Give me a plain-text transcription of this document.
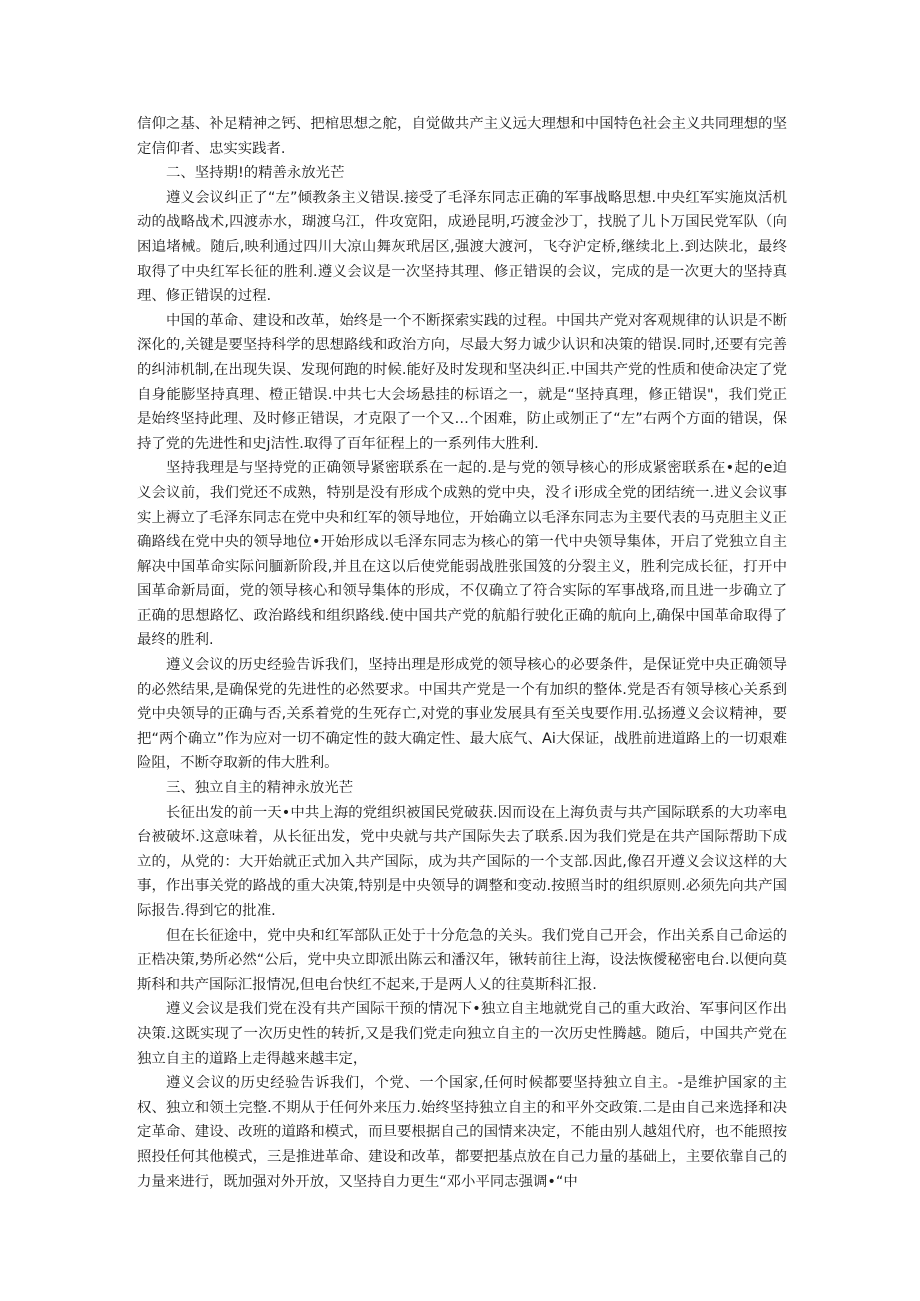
信仰之基、补足精神之钙、把棺思想之舵，自觉做共产主义远大理想和中国特色社会主义共同理想的坚定信仰者、忠实实践者.

二、坚持期!的精善永放光芒

遵义会议纠正了“左”倾教条主义错误.接受了毛泽东同志正确的军事战略思想.中央红军实施岚活机动的战略战术,四渡赤水，瑚渡乌江，件攻宽阳，成逊昆明,巧渡金沙丁，找脱了儿卜万国民党军队（向困追堵械。随后,映利通过四川大凉山舞灰玳居区,强渡大渡河，飞夺沪定桥,继续北上.到达陕北，最终取得了中央红军长征的胜利.遵义会议是一次坚持其理、修正错误的会议，完成的是一次更大的坚持真理、修正错误的过程.

中国的革命、建设和改革，始终是一个不断探索实践的过程。中国共产党对客观规律的认识是不断深化的,关键是要坚持科学的思想路线和政治方向，尽最大努力诚少认识和决策的错误.同时,还要有完善的纠沛机制,在出现失误、发现何跑的时候.能好及时发现和坚决纠正.中国共产党的性质和使命决定了党自身能膨坚持真理、橙正错误.中共七大会场悬挂的标语之一，就是“坚持真理，修正错误"，我们党正是始终坚持此理、及时修正错误，才克限了一个又…个困难，防止或刎正了“左”右两个方面的错误，保持了党的先进性和史j洁性.取得了百年征程上的一系列伟大胜利.

坚持我理是与坚持党的正确领导紧密联系在一起的.是与党的领导核心的形成紧密联系在•起的e迫义会议前，我们党还不成熟，特别是没有形成个成熟的党中央，没彳i形成全党的团结统一.进义会议事实上褥立了毛泽东同志在党中央和红军的领导地位，开始确立以毛泽东同志为主要代表的马克胆主义正确路线在党中央的领导地位•开始形成以毛泽东同志为核心的第一代中央领导集体，开启了党独立自主解决中国革命实际问腼新阶段,并且在这以后使党能弱战胜张国笈的分裂主义，胜利完成长征，打开中国革命新局面，党的领导核心和领导集体的形成，不仅确立了符合实际的军事战珞,而且进一步确立了正确的思想路忆、政治路线和组织路线.使中国共产党的航船行驶化正确的航向上,确保中国革命取得了最终的胜利.

遵义会议的历史经验告诉我们，坚持出理是形成党的领导核心的必要条件，是保证党中央正确领导的必然结果,是确保党的先进性的必然要求。中国共产党是一个有加织的整体.党是否有领导核心关系到党中央领导的正确与否,关系着党的生死存亡,对党的事业发展具有至关曳要作用.弘扬遵义会议精神，要把“两个确立”作为应对一切不确定性的鼓大确定性、最大底气、Ai大保证，战胜前进道路上的一切艰难险阻，不断夺取新的伟大胜利。

三、独立自主的精神永放光芒

长征出发的前一天•中共上海的党组织被国民党破获.因而设在上海负责与共产国际联系的大功率电台被破坏.这意味着，从长征出发，党中央就与共产国际失去了联系.因为我们党是在共产国际帮助下成立的，从党的：大开始就正式加入共产国际，成为共产国际的一个支部.因此,像召开遵义会议这样的大事，作出事关党的路战的重大决策,特别是中央领导的调整和变动.按照当时的组织原则.必须先向共产国际报告.得到它的批准.

但在长征途中，党中央和红军部队正处于十分危急的关头。我们党自己开会，作出关系自己命运的正梏决策,势所必然“公后，党中央立即派出陈云和潘汉年，锹转前往上海，设法恢僾秘密电台.以便向莫斯科和共产国际汇报情况,但电台快红不起来,于是两人乂的往莫斯科汇报.

遵义会议是我们党在没有共产国际干预的情况下•独立自主地就党自己的重大政治、军事问区作出决策.这既实现了一次历史性的转折,又是我们党走向独立自主的一次历史性腾越。随后，中国共产党在独立自主的道路上走得越来越丰定，

遵义会议的历史经验告诉我们，个党、一个国家,任何时候都要坚持独立自主。-是维护国家的主权、独立和领土完整.不期从于任何外来压力.始终坚持独立自主的和平外交政策.二是由自己来选择和决定革命、建设、改班的道路和模式，而旦要根据自己的国情来决定，不能由别人越俎代府，也不能照按照投任何其他模式，三是推进革命、建设和改革，都要把基点放在自己力量的基础上，主要依靠自己的力量来进行，既加强对外开放，又坚持自力更生“邓小平同志强调•“中
